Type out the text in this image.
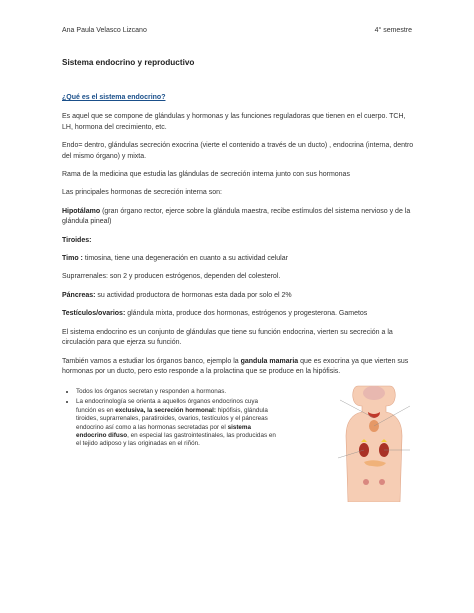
Ana Paula Velasco Lizcano	4° semestre
Sistema endocrino y reproductivo

¿Qué es el sistema endocrino?

Es aquel que se compone de glándulas y hormonas y las funciones reguladoras que tienen en el cuerpo. TCH, LH, hormona del crecimiento, etc.

Endo= dentro, glándulas secreción exocrina (vierte el contenido a través de un ducto) , endocrina (interna, dentro del mismo órgano) y mixta.

Rama de la medicina que estudia las glándulas de secreción interna junto con sus hormonas

Las principales hormonas de secreción interna son:

Hipotálamo (gran órgano rector, ejerce sobre la glándula maestra, recibe estímulos del sistema nervioso y de la glándula pineal)

Tiroides:

Timo : timosina, tiene una degeneración en cuanto a su actividad celular

Suprarrenales: son 2 y producen estrógenos, dependen del colesterol.

Páncreas: su actividad productora de hormonas esta dada por solo el 2%

Testículos/ovarios: glándula mixta, produce dos hormonas, estrógenos y progesterona. Gametos

El sistema endocrino es un conjunto de glándulas que tiene su función endocrina, vierten su secreción a la circulación para que ejerza su función.

También vamos a estudiar los órganos banco, ejemplo la gandula mamaria que es exocrina ya que vierten sus hormonas por un ducto, pero esto responde a la prolactina que se produce en la hipófisis.

• Todos los órganos secretan y responden a hormonas.
• La endocrinología se orienta a aquellos órganos endocrinos cuya función es en exclusiva, la secreción hormonal: hipófisis, glándula tiroides, suprarrenales, paratiroides, ovarios, testículos y el páncreas endocrino así como a las hormonas secretadas por el sistema endocrino difuso, en especial las gastrointestinales, las producidas en el tejido adiposo y las originadas en el riñón.
